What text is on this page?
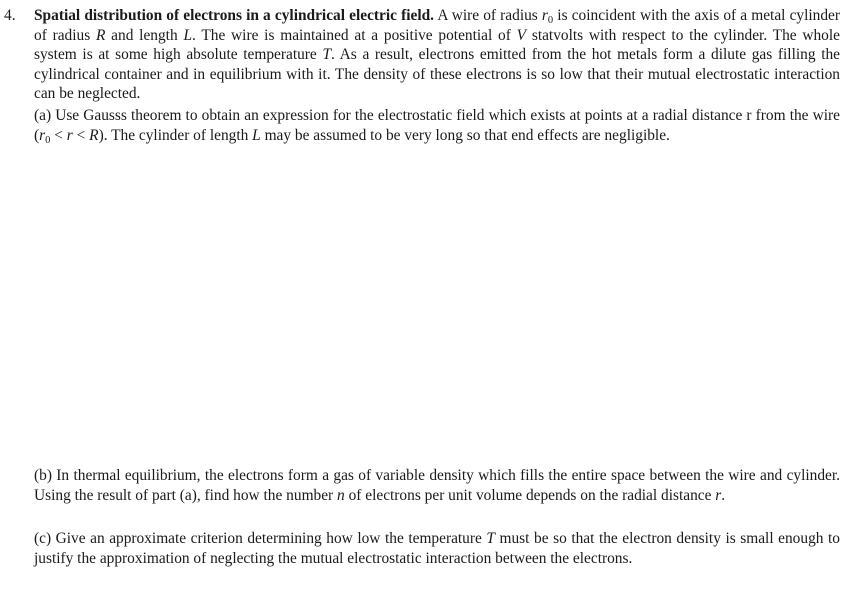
4. Spatial distribution of electrons in a cylindrical electric field. A wire of radius $r_0$ is coincident with the axis of a metal cylinder of radius R and length L. The wire is maintained at a positive potential of V statvolts with respect to the cylinder. The whole system is at some high absolute temperature T. As a result, electrons emitted from the hot metals form a dilute gas filling the cylindrical container and in equilibrium with it. The density of these electrons is so low that their mutual electrostatic interaction can be neglected.
(a) Use Gausss theorem to obtain an expression for the electrostatic field which exists at points at a radial distance r from the wire $(r_0 < r < R)$. The cylinder of length L may be assumed to be very long so that end effects are negligible.
(b) In thermal equilibrium, the electrons form a gas of variable density which fills the entire space between the wire and cylinder. Using the result of part (a), find how the number n of electrons per unit volume depends on the radial distance r.
(c) Give an approximate criterion determining how low the temperature T must be so that the electron density is small enough to justify the approximation of neglecting the mutual electrostatic interaction between the electrons.
